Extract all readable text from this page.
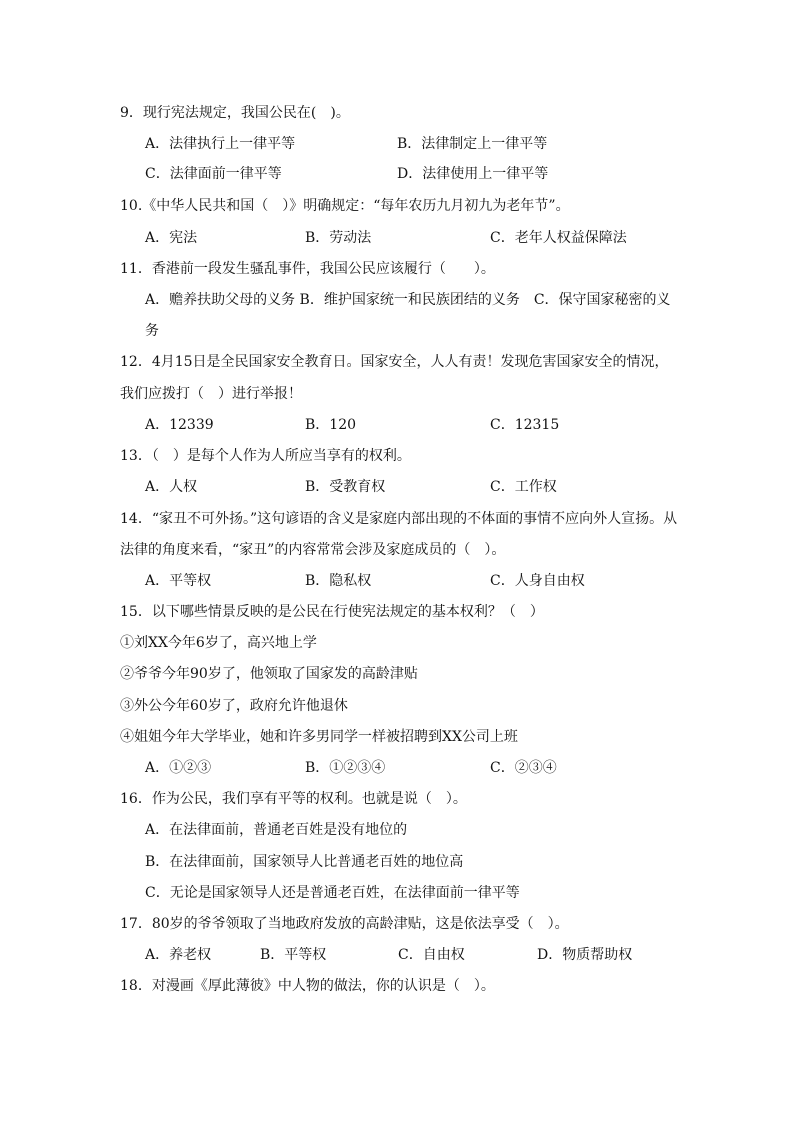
9．现行宪法规定，我国公民在(　)。
A．法律执行上一律平等	B．法律制定上一律平等
C．法律面前一律平等	D．法律使用上一律平等
10.《中华人民共和国（　）》明确规定：“每年农历九月初九为老年节”。
A．宪法	B．劳动法	C．老年人权益保障法
11．香港前一段发生骚乱事件，我国公民应该履行（　　）。
A．赡养扶助父母的义务 B．维护国家统一和民族团结的义务　C．保守国家秘密的义
务
12．4月15日是全民国家安全教育日。国家安全，人人有责！发现危害国家安全的情况，
我们应拨打（　）进行举报！
A．12339	B．120	C．12315
13．（　）是每个人作为人所应当享有的权利。
A．人权	B．受教育权	C．工作权
14．“家丑不可外扬。”这句谚语的含义是家庭内部出现的不体面的事情不应向外人宣扬。从
法律的角度来看，“家丑”的内容常常会涉及家庭成员的（　）。
A．平等权	B．隐私权	C．人身自由权
15．以下哪些情景反映的是公民在行使宪法规定的基本权利？（　）
①刘XX今年6岁了，高兴地上学
②爷爷今年90岁了，他领取了国家发的高龄津贴
③外公今年60岁了，政府允许他退休
④姐姐今年大学毕业，她和许多男同学一样被招聘到XX公司上班
A．①②③	B．①②③④	C．②③④
16．作为公民，我们享有平等的权利。也就是说（　）。
A．在法律面前，普通老百姓是没有地位的
B．在法律面前，国家领导人比普通老百姓的地位高
C．无论是国家领导人还是普通老百姓，在法律面前一律平等
17．80岁的爷爷领取了当地政府发放的高龄津贴，这是依法享受（　）。
A．养老权	B．平等权	C．自由权	D．物质帮助权
18．对漫画《厚此薄彼》中人物的做法，你的认识是（　）。
